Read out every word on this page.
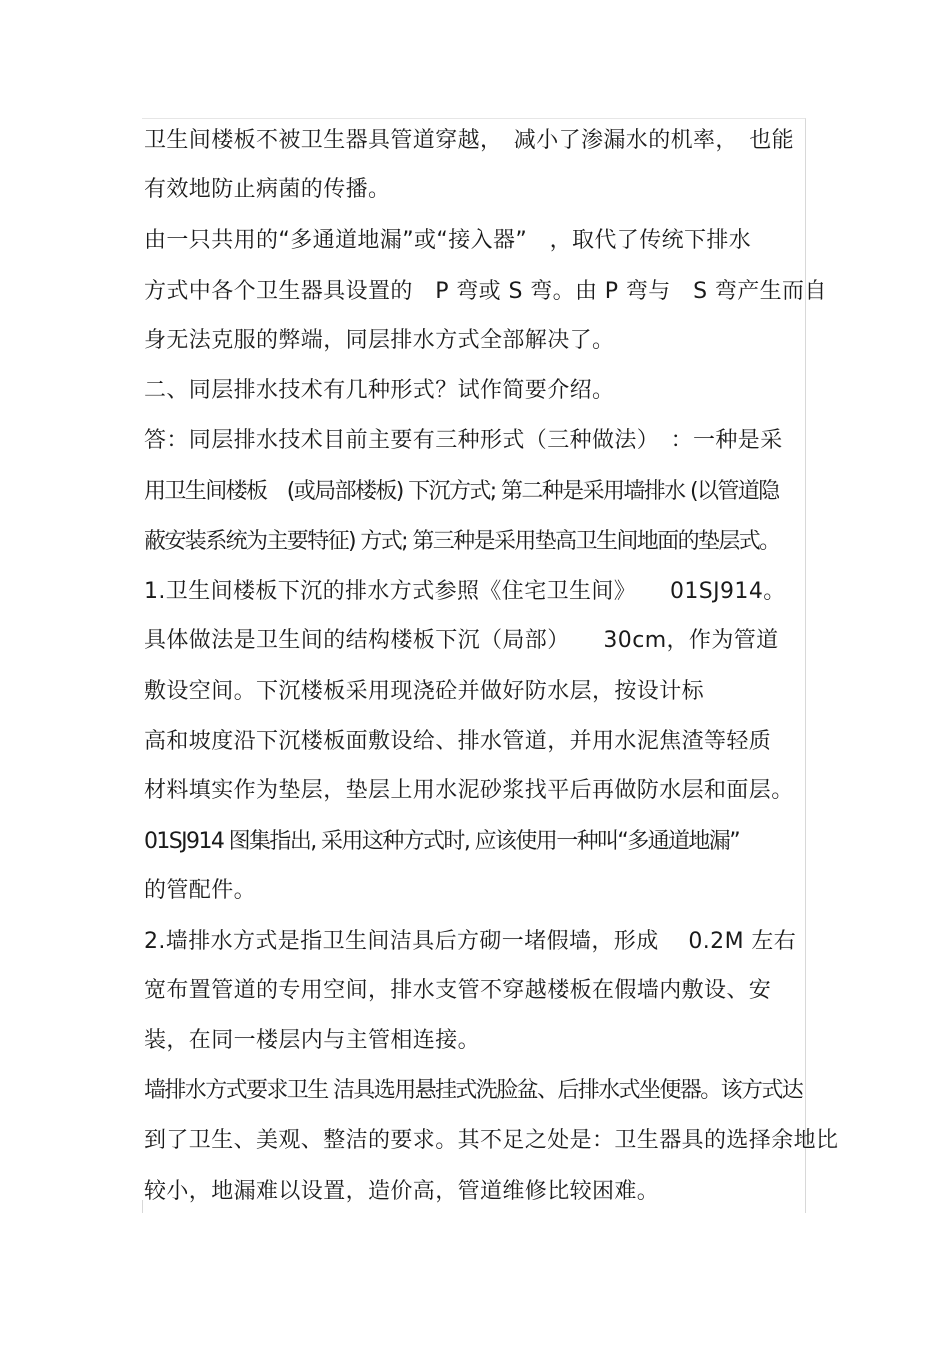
卫生间楼板不被卫生器具管道穿越，　减小了渗漏水的机率，　也能
有效地防止病菌的传播。
由一只共用的“多通道地漏”或“接入器”　，取代了传统下排水
方式中各个卫生器具设置的　P 弯或 S 弯。由 P 弯与　S 弯产生而自
身无法克服的弊端，同层排水方式全部解决了。
二、同层排水技术有几种形式？试作简要介绍。
答：同层排水技术目前主要有三种形式（三种做法）　：一种是采
用卫生间楼板　(或局部楼板) 下沉方式; 第二种是采用墙排水 (以管道隐
蔽安装系统为主要特征) 方式; 第三种是采用垫高卫生间地面的垫层式。
1.卫生间楼板下沉的排水方式参照《住宅卫生间》　　01SJ914。
具体做法是卫生间的结构楼板下沉（局部）　　30cm，作为管道
敷设空间。下沉楼板采用现浇砼并做好防水层，按设计标
高和坡度沿下沉楼板面敷设给、排水管道，并用水泥焦渣等轻质
材料填实作为垫层，垫层上用水泥砂浆找平后再做防水层和面层。
01SJ914 图集指出, 采用这种方式时, 应该使用一种叫“多通道地漏”
的管配件。
2.墙排水方式是指卫生间洁具后方砌一堵假墙，形成　 0.2M 左右
宽布置管道的专用空间，排水支管不穿越楼板在假墙内敷设、安
装，在同一楼层内与主管相连接。
墙排水方式要求卫生 洁具选用悬挂式洗脸盆、后排水式坐便器。该方式达
到了卫生、美观、整洁的要求。其不足之处是：卫生器具的选择余地比
较小，地漏难以设置，造价高，管道维修比较困难。
